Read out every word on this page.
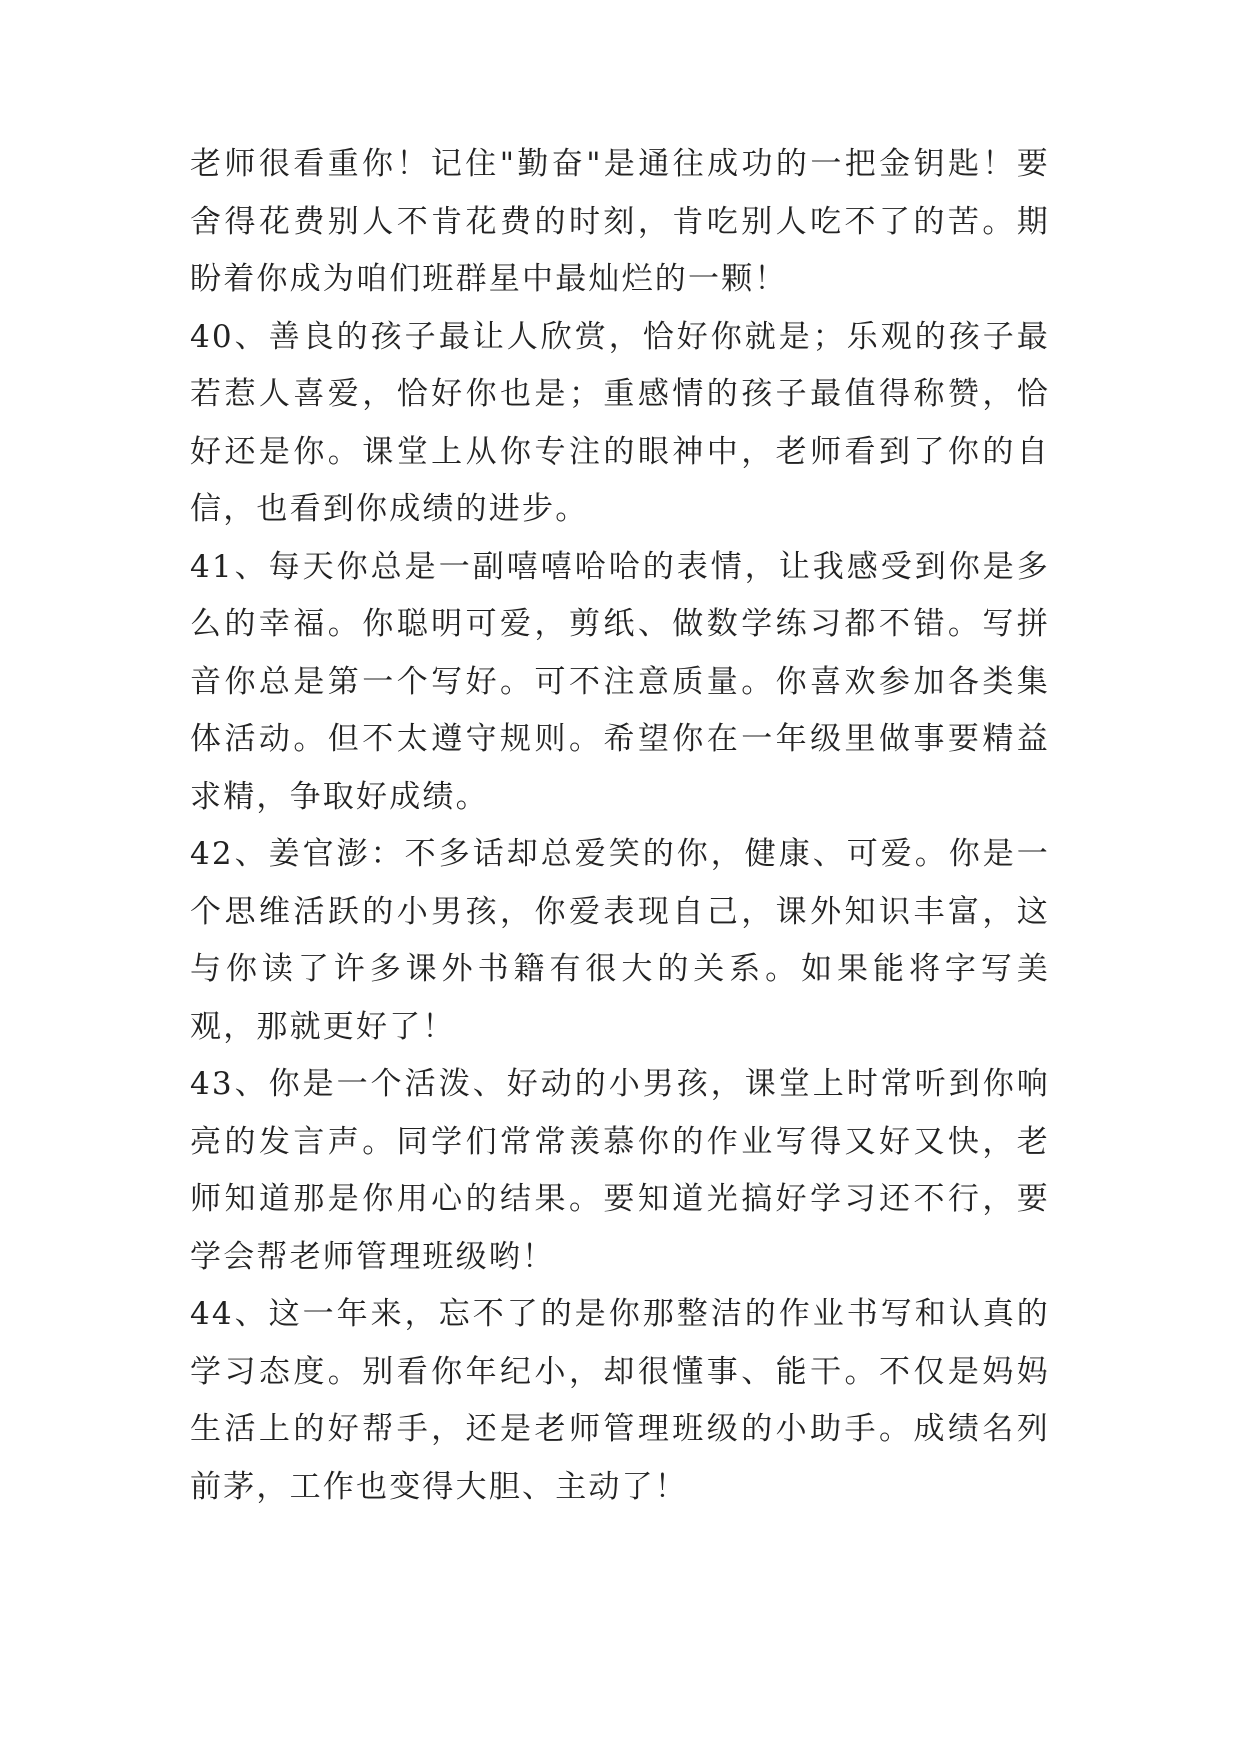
老师很看重你！记住"勤奋"是通往成功的一把金钥匙！要舍得花费别人不肯花费的时刻，肯吃别人吃不了的苦。期盼着你成为咱们班群星中最灿烂的一颗！

40、善良的孩子最让人欣赏，恰好你就是；乐观的孩子最若惹人喜爱，恰好你也是；重感情的孩子最值得称赞，恰好还是你。课堂上从你专注的眼神中，老师看到了你的自信，也看到你成绩的进步。

41、每天你总是一副嘻嘻哈哈的表情，让我感受到你是多么的幸福。你聪明可爱，剪纸、做数学练习都不错。写拼音你总是第一个写好。可不注意质量。你喜欢参加各类集体活动。但不太遵守规则。希望你在一年级里做事要精益求精，争取好成绩。

42、姜官澎：不多话却总爱笑的你，健康、可爱。你是一个思维活跃的小男孩，你爱表现自己，课外知识丰富，这与你读了许多课外书籍有很大的关系。如果能将字写美观，那就更好了！

43、你是一个活泼、好动的小男孩，课堂上时常听到你响亮的发言声。同学们常常羡慕你的作业写得又好又快，老师知道那是你用心的结果。要知道光搞好学习还不行，要学会帮老师管理班级哟！

44、这一年来，忘不了的是你那整洁的作业书写和认真的学习态度。别看你年纪小，却很懂事、能干。不仅是妈妈生活上的好帮手，还是老师管理班级的小助手。成绩名列前茅，工作也变得大胆、主动了！
